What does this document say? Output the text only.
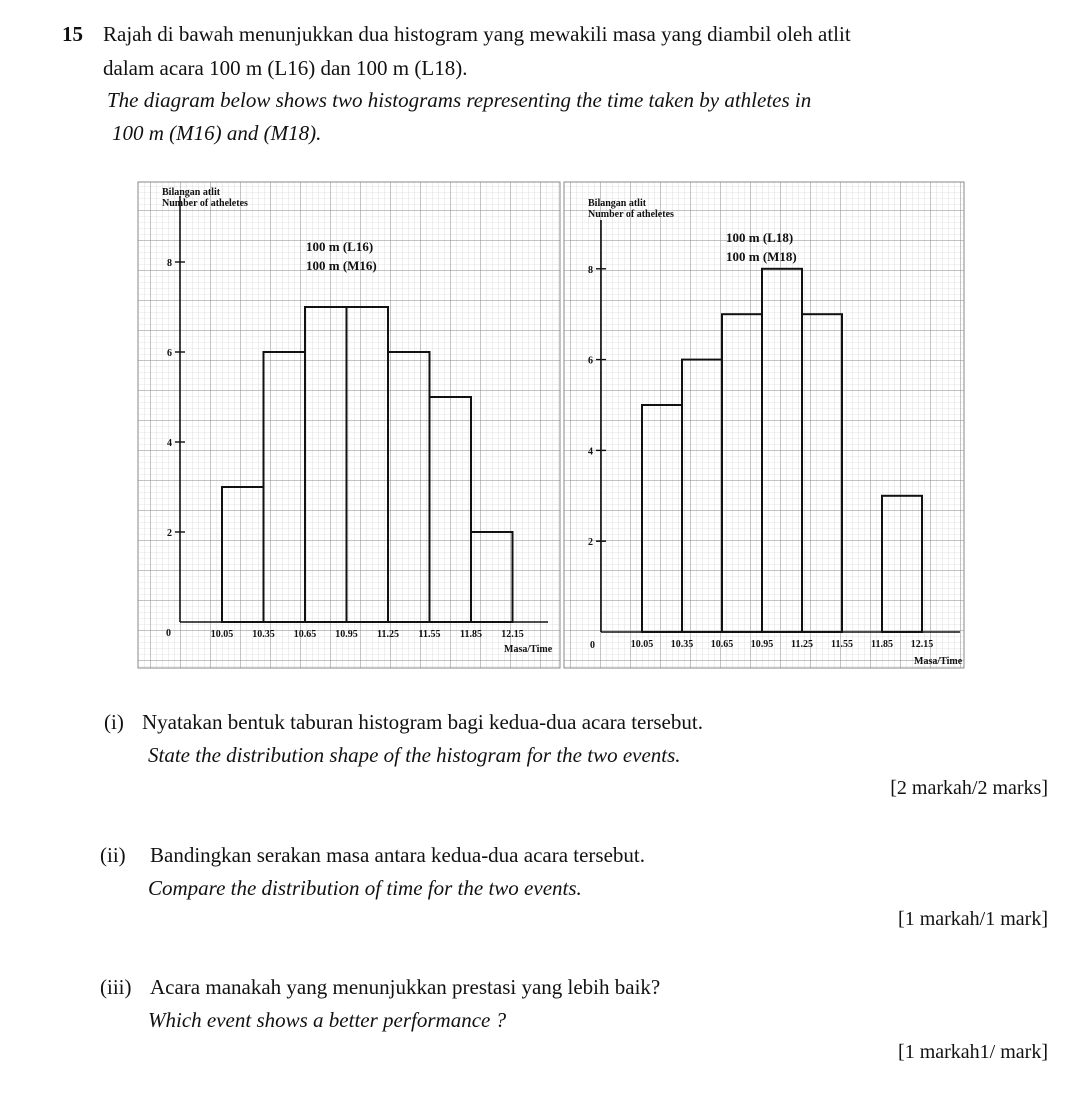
15 Rajah di bawah menunjukkan dua histogram yang mewakili masa yang diambil oleh atlit
dalam acara 100 m (L16) dan 100 m (L18).
The diagram below shows two histograms representing the time taken by athletes in
100 m (M16) and (M18).
10.05 10.35 10.65 10.95 11.25 11.55 11.85 12.15
2
4
6
8
Bilangan atlit
Number of atheletes
100 m (L16)
100 m (M16)
Masa/Time
0
10.05 10.35 10.65 10.95 11.25 11.55 11.85 12.15
2
4
6
8
Bilangan atlit
Number of atheletes
100 m (L18)
100 m (M18)
Masa/Time
0
(i) Nyatakan bentuk taburan histogram bagi kedua-dua acara tersebut.
State the distribution shape of the histogram for the two events.
[2 markah/2 marks]
(ii) Bandingkan serakan masa antara kedua-dua acara tersebut.
Compare the distribution of time for the two events.
[1 markah/1 mark]
(iii) Acara manakah yang menunjukkan prestasi yang lebih baik?
Which event shows a better performance ?
[1 markah1/ mark]
